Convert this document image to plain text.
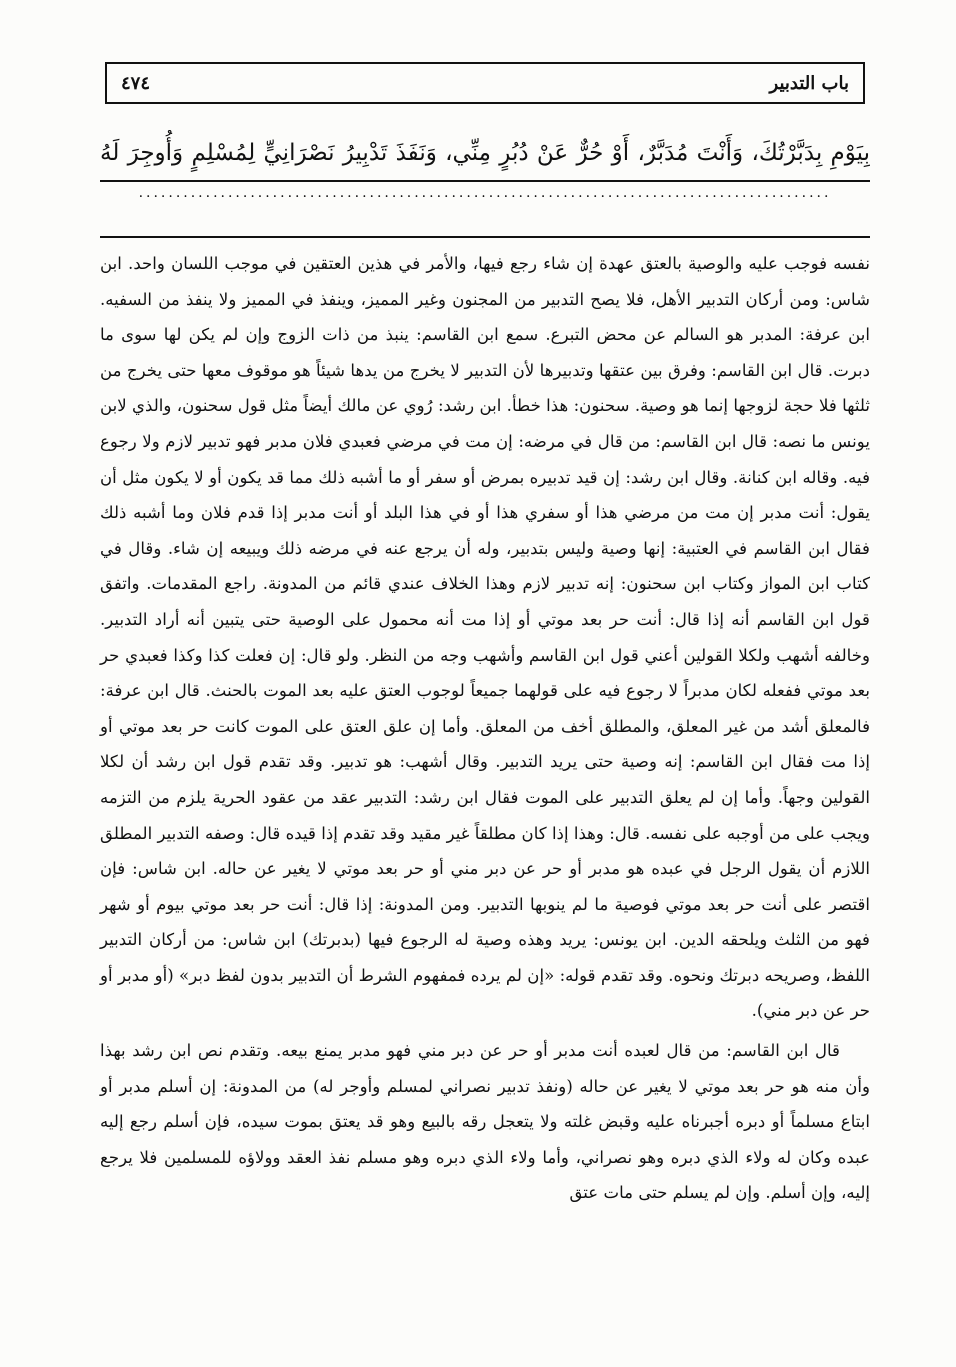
٤٧٤	باب التدبير
بِيَوْمِ بِدَبَّرْتُكَ، وَأَنْتَ مُدَبَّرٌ، أَوْ حُرٌّ عَنْ دُبُرٍ مِنِّي، وَنَفَذَ تَدْبِيرُ نَصْرَانِيٍّ لِمُسْلِمٍ وَأُوجِرَ لَهُ
.............................................................................................

نفسه فوجب عليه والوصية بالعتق عهدة إن شاء رجع فيها، والأمر في هذين العتقين في موجب اللسان واحد. ابن شاس: ومن أركان التدبير الأهل، فلا يصح التدبير من المجنون وغير المميز، وينفذ في المميز ولا ينفذ من السفيه. ابن عرفة: المدبر هو السالم عن محض التبرع. سمع ابن القاسم: ينبذ من ذات الزوج وإن لم يكن لها سوى ما دبرت. قال ابن القاسم: وفرق بين عتقها وتدبيرها لأن التدبير لا يخرج من يدها شيئاً هو موقوف معها حتى يخرج من ثلثها فلا حجة لزوجها إنما هو وصية. سحنون: هذا خطأ. ابن رشد: رُوي عن مالك أيضاً مثل قول سحنون، والذي لابن يونس ما نصه: قال ابن القاسم: من قال في مرضه: إن مت في مرضي فعبدي فلان مدبر فهو تدبير لازم ولا رجوع فيه. وقاله ابن كنانة. وقال ابن رشد: إن قيد تدبيره بمرض أو سفر أو ما أشبه ذلك مما قد يكون أو لا يكون مثل أن يقول: أنت مدبر إن مت من مرضي هذا أو سفري هذا أو في هذا البلد أو أنت مدبر إذا قدم فلان وما أشبه ذلك فقال ابن القاسم في العتبية: إنها وصية وليس بتدبير، وله أن يرجع عنه في مرضه ذلك ويبيعه إن شاء. وقال في كتاب ابن المواز وكتاب ابن سحنون: إنه تدبير لازم وهذا الخلاف عندي قائم من المدونة. راجع المقدمات. واتفق قول ابن القاسم أنه إذا قال: أنت حر بعد موتي أو إذا مت أنه محمول على الوصية حتى يتبين أنه أراد التدبير. وخالفه أشهب ولكلا القولين أعني قول ابن القاسم وأشهب وجه من النظر. ولو قال: إن فعلت كذا وكذا فعبدي حر بعد موتي ففعله لكان مدبراً لا رجوع فيه على قولهما جميعاً لوجوب العتق عليه بعد الموت بالحنث. قال ابن عرفة: فالمعلق أشد من غير المعلق، والمطلق أخف من المعلق. وأما إن علق العتق على الموت كانت حر بعد موتي أو إذا مت فقال ابن القاسم: إنه وصية حتى يريد التدبير. وقال أشهب: هو تدبير. وقد تقدم قول ابن رشد أن لكلا القولين وجهاً. وأما إن لم يعلق التدبير على الموت فقال ابن رشد: التدبير عقد من عقود الحرية يلزم من التزمه ويجب على من أوجبه على نفسه. قال: وهذا إذا كان مطلقاً غير مقيد وقد تقدم إذا قيده قال: وصفه التدبير المطلق اللازم أن يقول الرجل في عبده هو مدبر أو حر عن دبر مني أو حر بعد موتي لا يغير عن حاله. ابن شاس: فإن اقتصر على أنت حر بعد موتي فوصية ما لم ينوبها التدبير. ومن المدونة: إذا قال: أنت حر بعد موتي بيوم أو شهر فهو من الثلث ويلحقه الدين. ابن يونس: يريد وهذه وصية له الرجوع فيها (بدبرتك) ابن شاس: من أركان التدبير اللفظ، وصريحه دبرتك ونحوه. وقد تقدم قوله: «إن لم يرده فمفهوم الشرط أن التدبير بدون لفظ دبر» (أو مدبر أو حر عن دبر مني).

قال ابن القاسم: من قال لعبده أنت مدبر أو حر عن دبر مني فهو مدبر يمنع بيعه. وتقدم نص ابن رشد بهذا وأن منه هو حر بعد موتي لا يغير عن حاله (ونفذ تدبير نصراني لمسلم وأوجر له) من المدونة: إن أسلم مدبر أو ابتاع مسلماً أو دبره أجبرناه عليه وقبض غلته ولا يتعجل رقه بالبيع وهو قد يعتق بموت سيده، فإن أسلم رجع إليه عبده وكان له ولاء الذي دبره وهو نصراني، وأما ولاء الذي دبره وهو مسلم نفذ العقد وولاؤه للمسلمين فلا يرجع إليه، وإن أسلم. وإن لم يسلم حتى مات عتق
